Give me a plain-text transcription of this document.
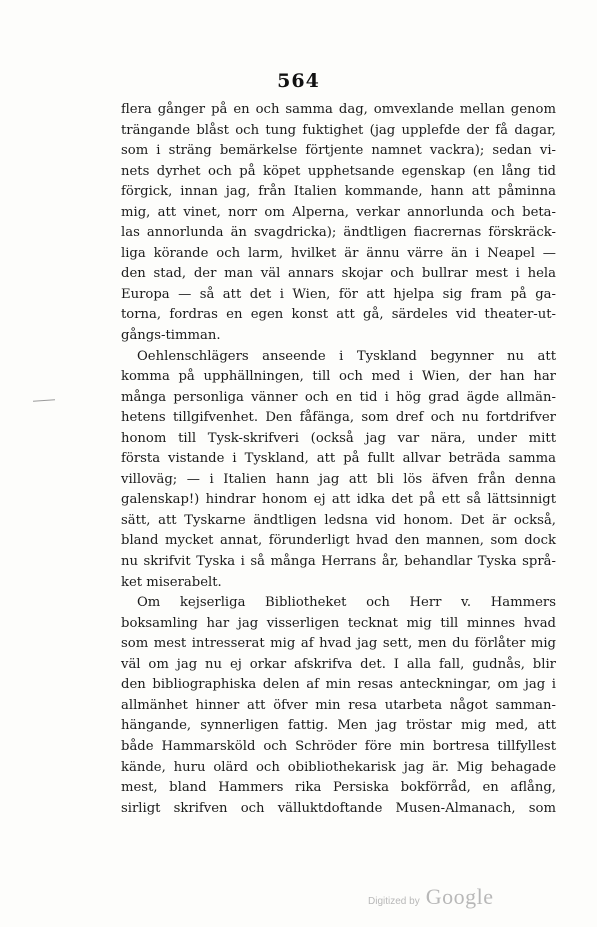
564
flera gånger på en och samma dag, omvexlande mellan genom
trängande blåst och tung fuktighet (jag upplefde der få dagar,
som i sträng bemärkelse förtjente namnet vackra); sedan vi-
nets dyrhet och på köpet upphetsande egenskap (en lång tid
förgick, innan jag, från Italien kommande, hann att påminna
mig, att vinet, norr om Alperna, verkar annorlunda och beta-
las annorlunda än svagdricka); ändtligen fiacrernas förskräck-
liga körande och larm, hvilket är ännu värre än i Neapel —
den stad, der man väl annars skojar och bullrar mest i hela
Europa — så att det i Wien, för att hjelpa sig fram på ga-
torna, fordras en egen konst att gå, särdeles vid theater-ut-
gångs-timman.
Oehlenschlägers anseende i Tyskland begynner nu att
komma på upphällningen, till och med i Wien, der han har
många personliga vänner och en tid i hög grad ägde allmän-
hetens tillgifvenhet. Den fåfänga, som dref och nu fortdrifver
honom till Tysk-skrifveri (också jag var nära, under mitt
första vistande i Tyskland, att på fullt allvar beträda samma
villoväg; — i Italien hann jag att bli lös äfven från denna
galenskap!) hindrar honom ej att idka det på ett så lättsinnigt
sätt, att Tyskarne ändtligen ledsna vid honom. Det är också,
bland mycket annat, förunderligt hvad den mannen, som dock
nu skrifvit Tyska i så många Herrans år, behandlar Tyska språ-
ket miserabelt.
Om kejserliga Bibliotheket och Herr v. Hammers
boksamling har jag visserligen tecknat mig till minnes hvad
som mest intresserat mig af hvad jag sett, men du förlåter mig
väl om jag nu ej orkar afskrifva det. I alla fall, gudnås, blir
den bibliographiska delen af min resas anteckningar, om jag i
allmänhet hinner att öfver min resa utarbeta något samman-
hängande, synnerligen fattig. Men jag tröstar mig med, att
både Hammarsköld och Schröder före min bortresa tillfyllest
kände, huru olärd och obibliothekarisk jag är. Mig behagade
mest, bland Hammers rika Persiska bokförråd, en aflång,
sirligt skrifven och välluktdoftande Musen-Almanach, som
Digitized by Google
